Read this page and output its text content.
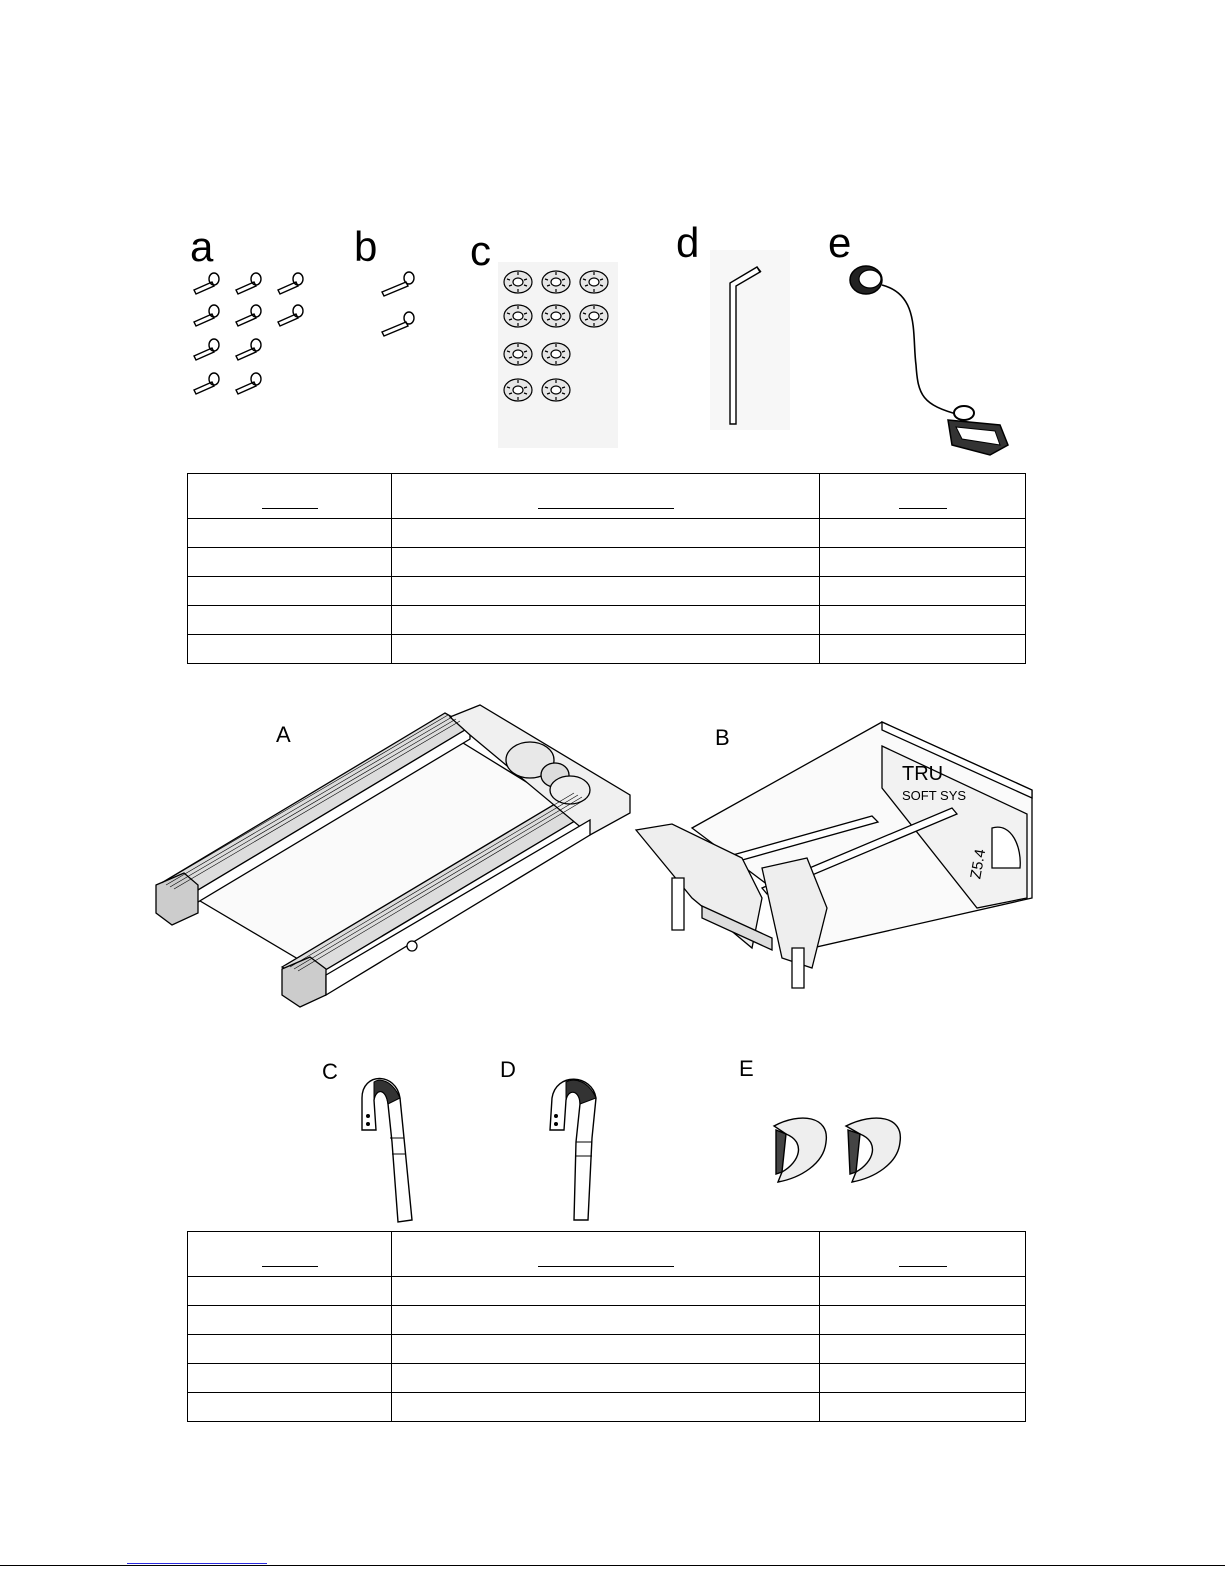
a	b c	d	e

A	B
TRU
SOFT SYS
Z5.4
C	D	E
